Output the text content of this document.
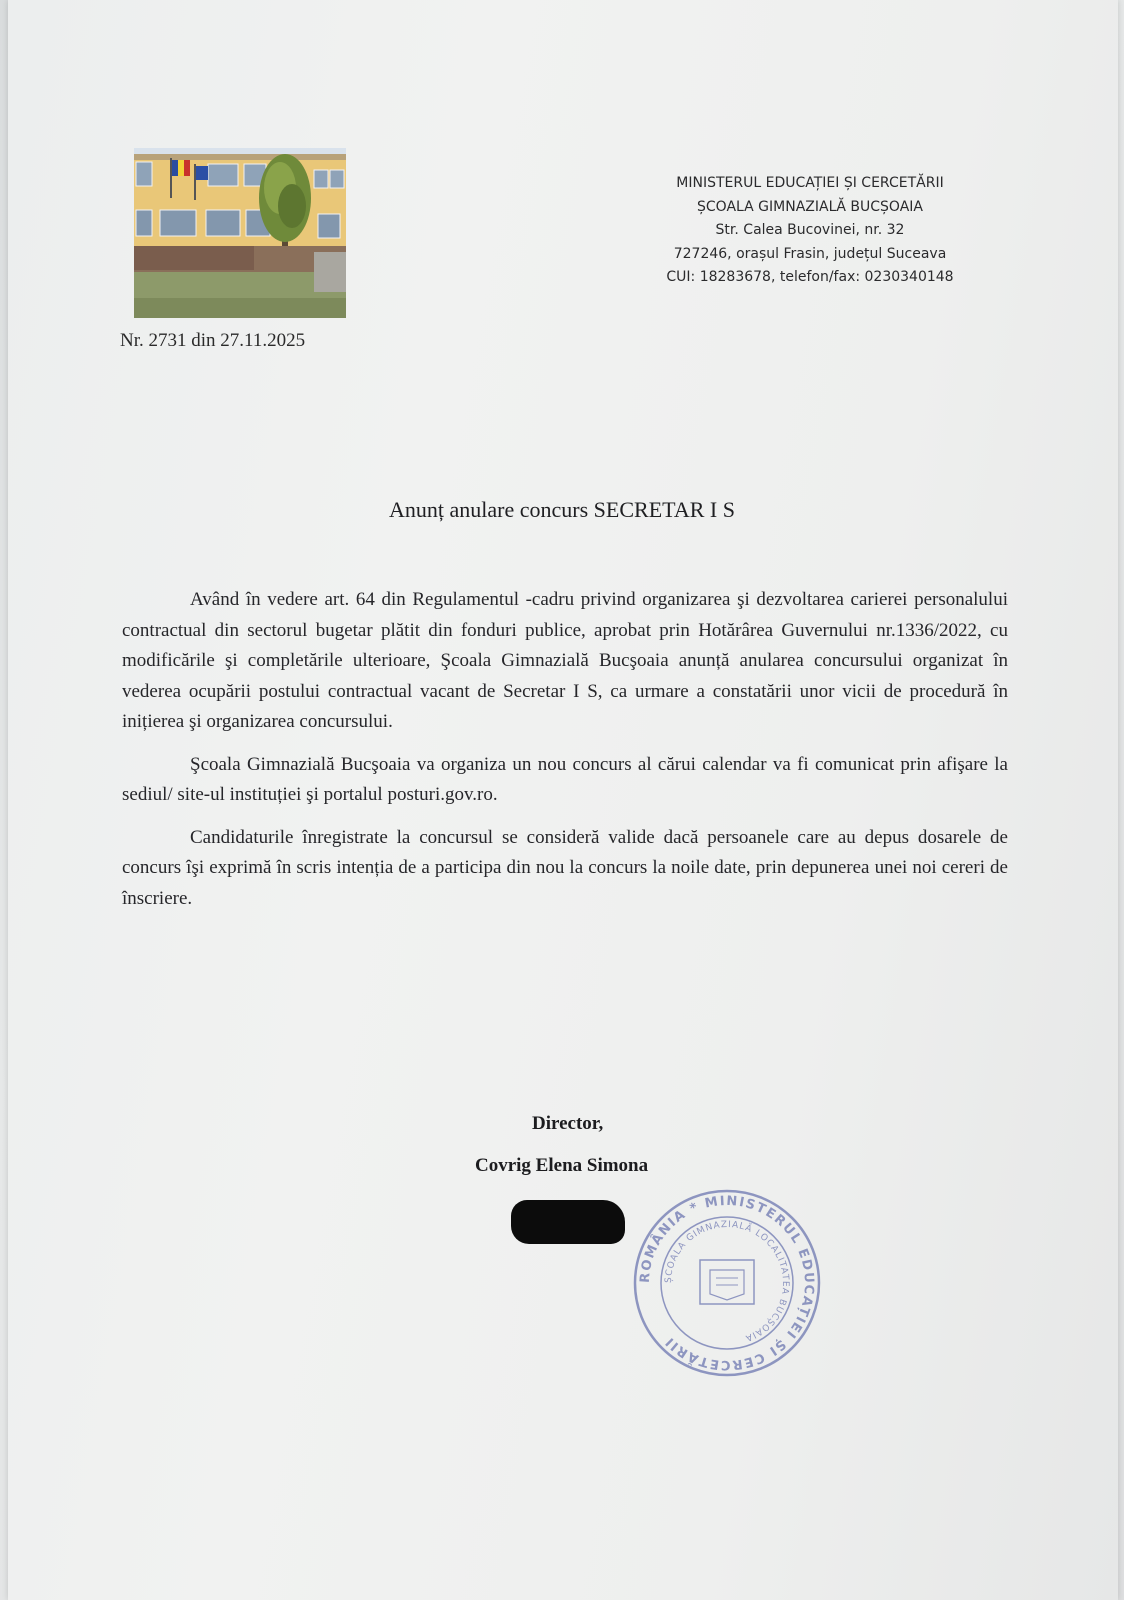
Nr. 2731 din 27.11.2025
MINISTERUL EDUCAȚIEI ȘI CERCETĂRII
ȘCOALA GIMNAZIALĂ BUCȘOAIA
Str. Calea Bucovinei, nr. 32
727246, orașul Frasin, județul Suceava
CUI: 18283678, telefon/fax: 0230340148
Anunț anulare concurs SECRETAR I S

Având în vedere art. 64 din Regulamentul -cadru privind organizarea şi dezvoltarea carierei personalului contractual din sectorul bugetar plătit din fonduri publice, aprobat prin Hotărârea Guvernului nr.1336/2022, cu modificările şi completările ulterioare, Şcoala Gimnazială Bucşoaia anunță anularea concursului organizat în vederea ocupării postului contractual vacant de Secretar I S, ca urmare a constatării unor vicii de procedură în inițierea şi organizarea concursului.

Şcoala Gimnazială Bucşoaia va organiza un nou concurs al cărui calendar va fi comunicat prin afişare la sediul/ site-ul instituției şi portalul posturi.gov.ro.

Candidaturile înregistrate la concursul se consideră valide dacă persoanele care au depus dosarele de concurs îşi exprimă în scris intenția de a participa din nou la concurs la noile date, prin depunerea unei noi cereri de înscriere.

Director,
Covrig Elena Simona
ROMÂNIA * MINISTERUL EDUCAȚIEI ȘI CERCETĂRII
ȘCOALA GIMNAZIALĂ LOCALITATEA BUCȘOAIA
